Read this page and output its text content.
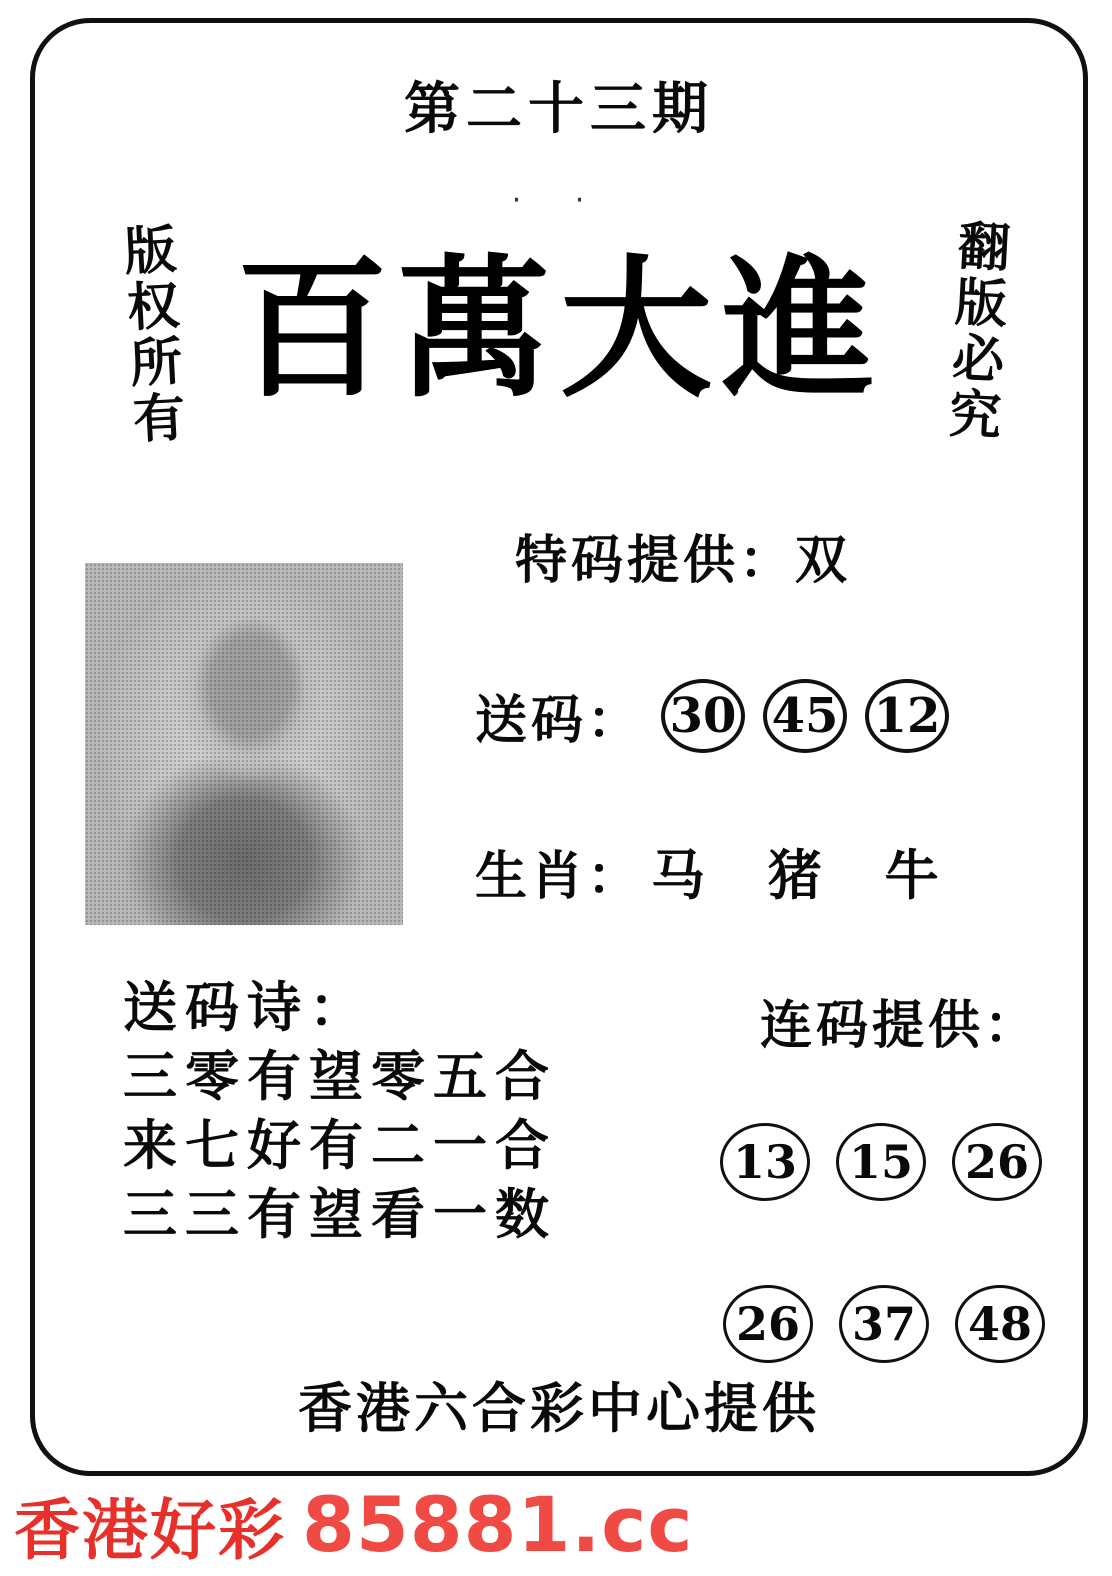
第二十三期
· ·
版权所有	翻版必究
百萬大進
特码提供：双
送码： 30 45 12
生肖： 马 猪 牛
送码诗：
三零有望零五合
来七好有二一合
三三有望看一数
连码提供：
13 15 26
26 37 48
香港六合彩中心提供
香港好彩 85881.cc
